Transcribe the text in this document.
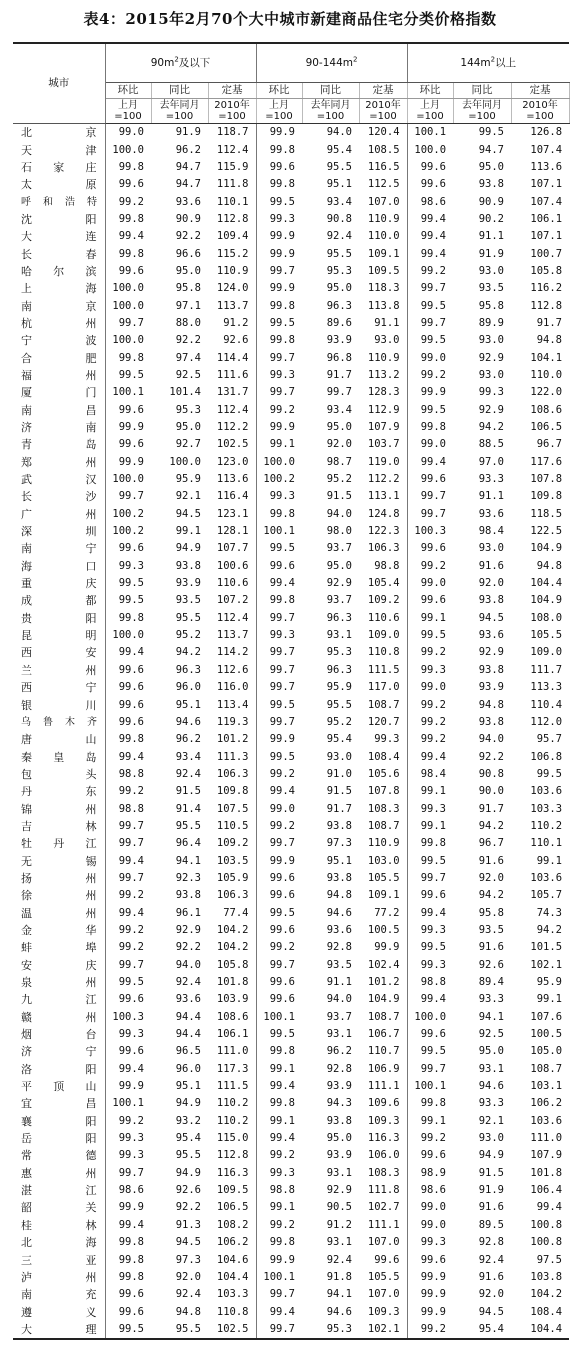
表4：2015年2月70个大中城市新建商品住宅分类价格指数
城市	$90m^2$及以下			$90-144m^2$			$144m^2$以上		
	环比	同比	定基	环比	同比	定基	环比	同比	定基
	上月=100	去年同月=100	2010年=100	上月=100	去年同月=100	2010年=100	上月=100	去年同月=100	2010年=100
北京	99.0	91.9	118.7	99.9	94.0	120.4	100.1	99.5	126.8
天津	100.0	96.2	112.4	99.8	95.4	108.5	100.0	94.7	107.4
石家庄	99.8	94.7	115.9	99.6	95.5	116.5	99.6	95.0	113.6
太原	99.6	94.7	111.8	99.8	95.1	112.5	99.6	93.8	107.1
呼和浩特	99.2	93.6	110.1	99.5	93.4	107.0	98.6	90.9	107.4
沈阳	99.8	90.9	112.8	99.3	90.8	110.9	99.4	90.2	106.1
大连	99.4	92.2	109.4	99.9	92.4	110.0	99.4	91.1	107.1
长春	99.8	96.6	115.2	99.9	95.5	109.1	99.4	91.9	100.7
哈尔滨	99.6	95.0	110.9	99.7	95.3	109.5	99.2	93.0	105.8
上海	100.0	95.8	124.0	99.9	95.0	118.3	99.7	93.5	116.2
南京	100.0	97.1	113.7	99.8	96.3	113.8	99.5	95.8	112.8
杭州	99.7	88.0	91.2	99.5	89.6	91.1	99.7	89.9	91.7
宁波	100.0	92.2	92.6	99.8	93.9	93.0	99.5	93.0	94.8
合肥	99.8	97.4	114.4	99.7	96.8	110.9	99.0	92.9	104.1
福州	99.5	92.5	111.6	99.3	91.7	113.2	99.2	93.0	110.0
厦门	100.1	101.4	131.7	99.7	99.7	128.3	99.9	99.3	122.0
南昌	99.6	95.3	112.4	99.2	93.4	112.9	99.5	92.9	108.6
济南	99.9	95.0	112.2	99.9	95.0	107.9	99.8	94.2	106.5
青岛	99.6	92.7	102.5	99.1	92.0	103.7	99.0	88.5	96.7
郑州	99.9	100.0	123.0	100.0	98.7	119.0	99.4	97.0	117.6
武汉	100.0	95.9	113.6	100.2	95.2	112.2	99.6	93.3	107.8
长沙	99.7	92.1	116.4	99.3	91.5	113.1	99.7	91.1	109.8
广州	100.2	94.5	123.1	99.8	94.0	124.8	99.7	93.6	118.5
深圳	100.2	99.1	128.1	100.1	98.0	122.3	100.3	98.4	122.5
南宁	99.6	94.9	107.7	99.5	93.7	106.3	99.6	93.0	104.9
海口	99.3	93.8	100.6	99.6	95.0	98.8	99.2	91.6	94.8
重庆	99.5	93.9	110.6	99.4	92.9	105.4	99.0	92.0	104.4
成都	99.5	93.5	107.2	99.8	93.7	109.2	99.6	93.8	104.9
贵阳	99.8	95.5	112.4	99.7	96.3	110.6	99.1	94.5	108.0
昆明	100.0	95.2	113.7	99.3	93.1	109.0	99.5	93.6	105.5
西安	99.4	94.2	114.2	99.7	95.3	110.8	99.2	92.9	109.0
兰州	99.6	96.3	112.6	99.7	96.3	111.5	99.3	93.8	111.7
西宁	99.6	96.0	116.0	99.7	95.9	117.0	99.0	93.9	113.3
银川	99.6	95.1	113.4	99.5	95.5	108.7	99.2	94.8	110.4
乌鲁木齐	99.6	94.6	119.3	99.7	95.2	120.7	99.2	93.8	112.0
唐山	99.8	96.2	101.2	99.9	95.4	99.3	99.2	94.0	95.7
秦皇岛	99.4	93.4	111.3	99.5	93.0	108.4	99.4	92.2	106.8
包头	98.8	92.4	106.3	99.2	91.0	105.6	98.4	90.8	99.5
丹东	99.2	91.5	109.8	99.4	91.5	107.8	99.1	90.0	103.6
锦州	98.8	91.4	107.5	99.0	91.7	108.3	99.3	91.7	103.3
吉林	99.7	95.5	110.5	99.2	93.8	108.7	99.1	94.2	110.2
牡丹江	99.7	96.4	109.2	99.7	97.3	110.9	99.8	96.7	110.1
无锡	99.4	94.1	103.5	99.9	95.1	103.0	99.5	91.6	99.1
扬州	99.7	92.3	105.9	99.6	93.8	105.5	99.7	92.0	103.6
徐州	99.2	93.8	106.3	99.6	94.8	109.1	99.6	94.2	105.7
温州	99.4	96.1	77.4	99.5	94.6	77.2	99.4	95.8	74.3
金华	99.2	92.9	104.2	99.6	93.6	100.5	99.3	93.5	94.2
蚌埠	99.2	92.2	104.2	99.2	92.8	99.9	99.5	91.6	101.5
安庆	99.7	94.0	105.8	99.7	93.5	102.4	99.3	92.6	102.1
泉州	99.5	92.4	101.8	99.6	91.1	101.2	98.8	89.4	95.9
九江	99.6	93.6	103.9	99.6	94.0	104.9	99.4	93.3	99.1
赣州	100.3	94.4	108.6	100.1	93.7	108.7	100.0	94.1	107.6
烟台	99.3	94.4	106.1	99.5	93.1	106.7	99.6	92.5	100.5
济宁	99.6	96.5	111.0	99.8	96.2	110.7	99.5	95.0	105.0
洛阳	99.4	96.0	117.3	99.1	92.8	106.9	99.7	93.1	108.7
平顶山	99.9	95.1	111.5	99.4	93.9	111.1	100.1	94.6	103.1
宜昌	100.1	94.9	110.2	99.8	94.3	109.6	99.8	93.3	106.2
襄阳	99.2	93.2	110.2	99.1	93.8	109.3	99.1	92.1	103.6
岳阳	99.3	95.4	115.0	99.4	95.0	116.3	99.2	93.0	111.0
常德	99.3	95.5	112.8	99.2	93.9	106.0	99.6	94.9	107.9
惠州	99.7	94.9	116.3	99.3	93.1	108.3	98.9	91.5	101.8
湛江	98.6	92.6	109.5	98.8	92.9	111.8	98.6	91.9	106.4
韶关	99.9	92.2	106.5	99.1	90.5	102.7	99.0	91.6	99.4
桂林	99.4	91.3	108.2	99.2	91.2	111.1	99.0	89.5	100.8
北海	99.8	94.5	106.2	99.8	93.1	107.0	99.3	92.8	100.8
三亚	99.8	97.3	104.6	99.9	92.4	99.6	99.6	92.4	97.5
泸州	99.8	92.0	104.4	100.1	91.8	105.5	99.9	91.6	103.8
南充	99.6	92.4	103.3	99.7	94.1	107.0	99.9	92.0	104.2
遵义	99.6	94.8	110.8	99.4	94.6	109.3	99.9	94.5	108.4
大理	99.5	95.5	102.5	99.7	95.3	102.1	99.2	95.4	104.4
